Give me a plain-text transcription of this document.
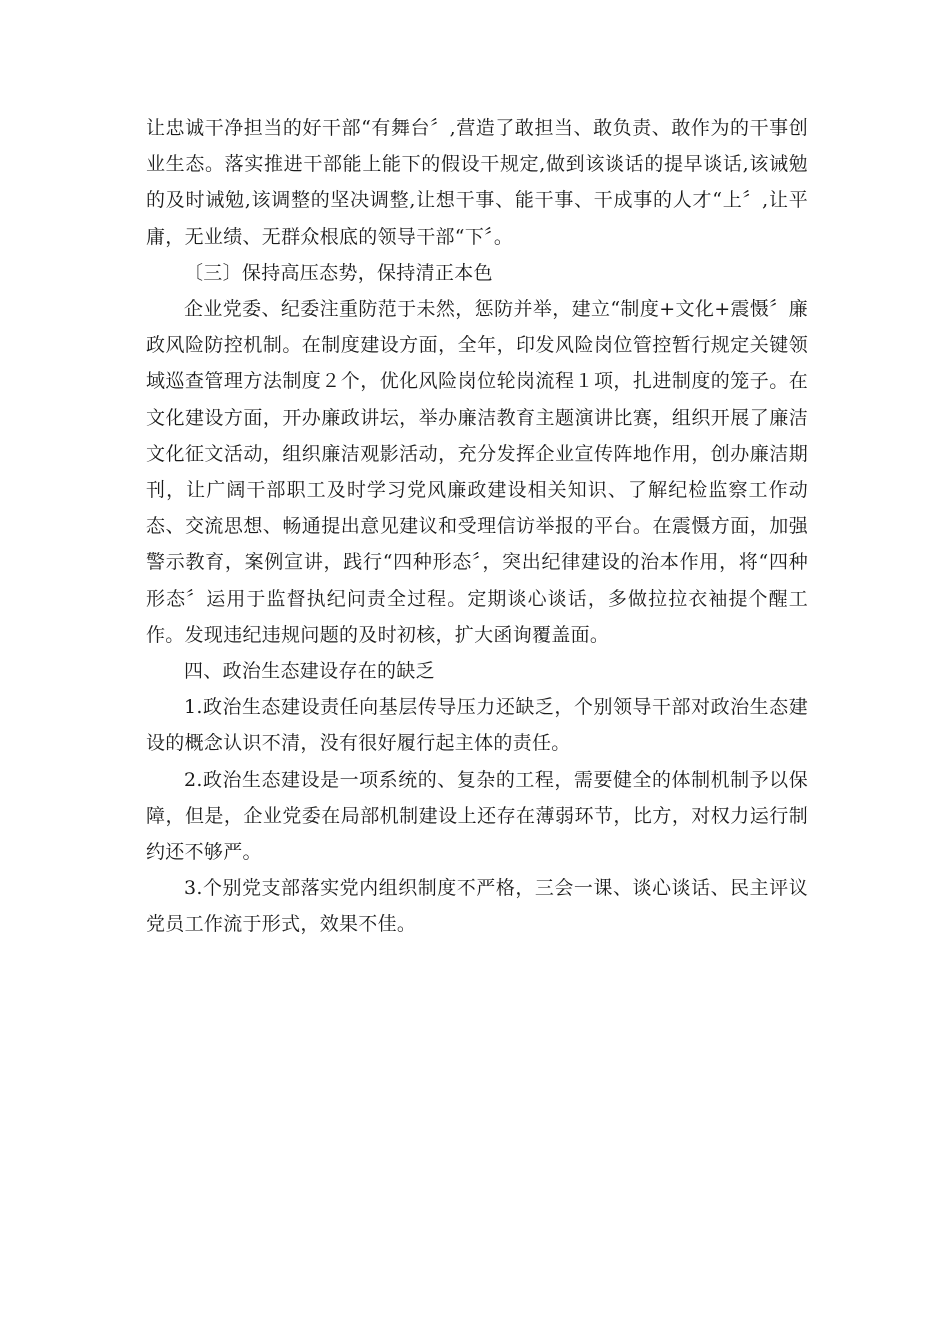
让忠诚干净担当的好干部“有舞台〞,营造了敢担当、敢负责、敢作为的干事创业生态。落实推进干部能上能下的假设干规定,做到该谈话的提早谈话,该诫勉的及时诫勉,该调整的坚决调整,让想干事、能干事、干成事的人才“上〞,让平庸，无业绩、无群众根底的领导干部“下〞。

〔三〕保持高压态势，保持清正本色

企业党委、纪委注重防范于未然，惩防并举，建立“制度+文化+震慑〞廉政风险防控机制。在制度建设方面，全年，印发风险岗位管控暂行规定关键领域巡查管理方法制度２个，优化风险岗位轮岗流程１项，扎进制度的笼子。在文化建设方面，开办廉政讲坛，举办廉洁教育主题演讲比赛，组织开展了廉洁文化征文活动，组织廉洁观影活动，充分发挥企业宣传阵地作用，创办廉洁期刊，让广阔干部职工及时学习党风廉政建设相关知识、了解纪检监察工作动态、交流思想、畅通提出意见建议和受理信访举报的平台。在震慑方面，加强警示教育，案例宣讲，践行“四种形态〞，突出纪律建设的治本作用，将“四种形态〞运用于监督执纪问责全过程。定期谈心谈话，多做拉拉衣袖提个醒工作。发现违纪违规问题的及时初核，扩大函询覆盖面。

四、政治生态建设存在的缺乏

1.政治生态建设责任向基层传导压力还缺乏，个别领导干部对政治生态建设的概念认识不清，没有很好履行起主体的责任。

2.政治生态建设是一项系统的、复杂的工程，需要健全的体制机制予以保障，但是，企业党委在局部机制建设上还存在薄弱环节，比方，对权力运行制约还不够严。

3.个别党支部落实党内组织制度不严格，三会一课、谈心谈话、民主评议党员工作流于形式，效果不佳。
